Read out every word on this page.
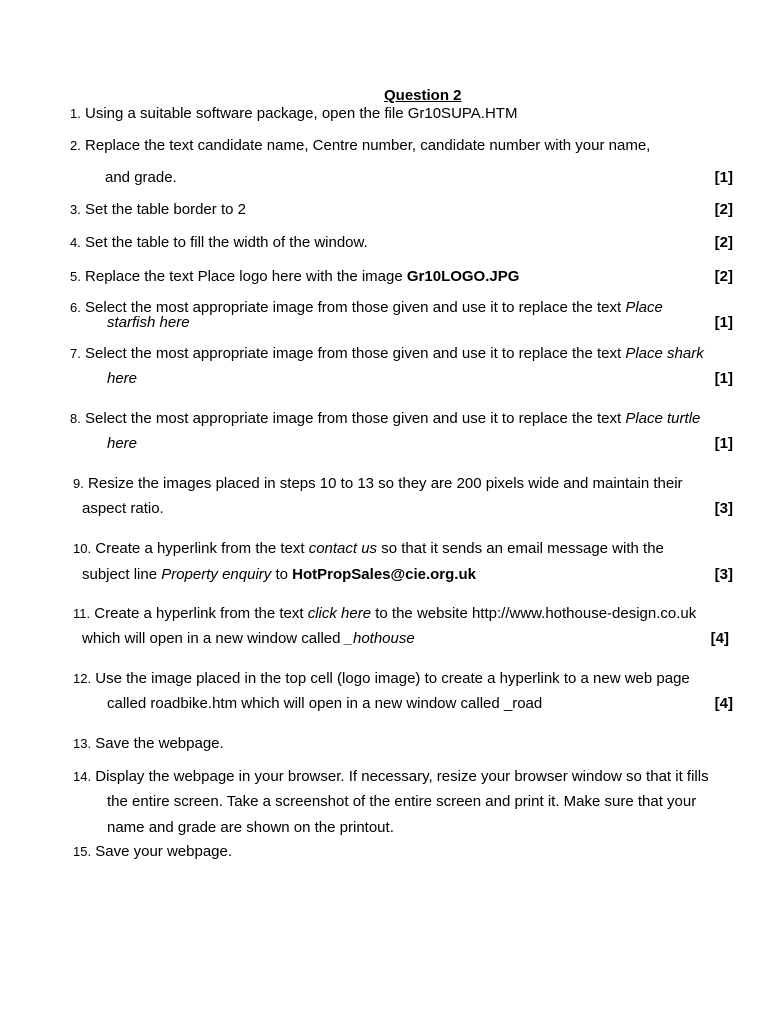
Question 2
1. Using a suitable software package, open the file Gr10SUPA.HTM
2. Replace the text candidate name, Centre number, candidate number with your name,
and grade.	[1]
3. Set the table border to 2	[2]
4. Set the table to fill the width of the window.	[2]
5. Replace the text Place logo here with the image Gr10LOGO.JPG	[2]
6. Select the most appropriate image from those given and use it to replace the text Place
starfish here	[1]
7. Select the most appropriate image from those given and use it to replace the text Place shark
here	[1]
8. Select the most appropriate image from those given and use it to replace the text Place turtle
here	[1]
9. Resize the images placed in steps 10 to 13 so they are 200 pixels wide and maintain their
aspect ratio.	[3]
10. Create a hyperlink from the text contact us so that it sends an email message with the
subject line Property enquiry to HotPropSales@cie.org.uk	[3]
11. Create a hyperlink from the text click here to the website http://www.hothouse-design.co.uk
which will open in a new window called _hothouse	[4]
12. Use the image placed in the top cell (logo image) to create a hyperlink to a new web page
called roadbike.htm which will open in a new window called _road	[4]
13. Save the webpage.
14. Display the webpage in your browser. If necessary, resize your browser window so that it fills
the entire screen. Take a screenshot of the entire screen and print it. Make sure that your
name and grade are shown on the printout.
15. Save your webpage.
